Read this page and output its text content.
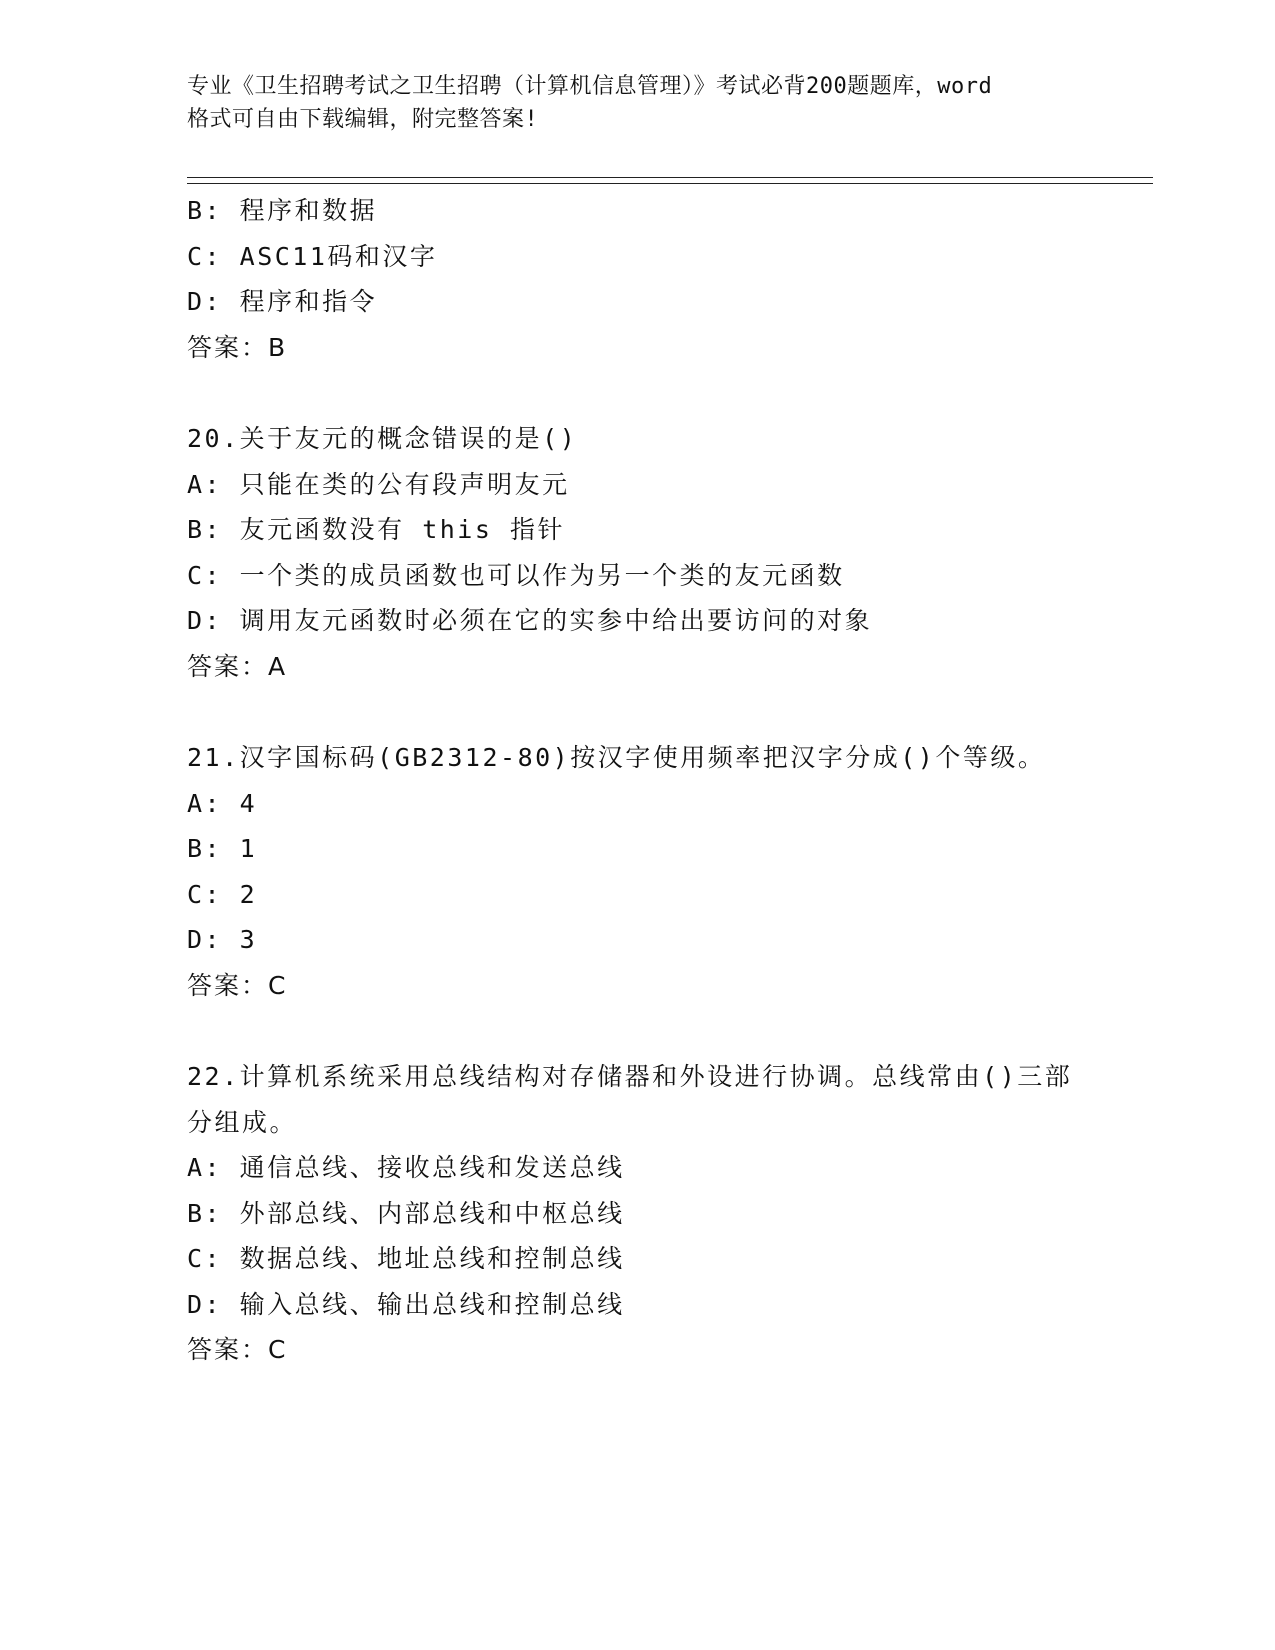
专业《卫生招聘考试之卫生招聘（计算机信息管理）》考试必背200题题库，word
格式可自由下载编辑，附完整答案!
B: 程序和数据
C: ASC11码和汉字
D: 程序和指令
答案：B
20.关于友元的概念错误的是()
A: 只能在类的公有段声明友元
B: 友元函数没有 this 指针
C: 一个类的成员函数也可以作为另一个类的友元函数
D: 调用友元函数时必须在它的实参中给出要访问的对象
答案：A
21.汉字国标码(GB2312-80)按汉字使用频率把汉字分成()个等级。
A: 4
B: 1
C: 2
D: 3
答案：C
22.计算机系统采用总线结构对存储器和外设进行协调。总线常由()三部分组成。
A: 通信总线、接收总线和发送总线
B: 外部总线、内部总线和中枢总线
C: 数据总线、地址总线和控制总线
D: 输入总线、输出总线和控制总线
答案：C
